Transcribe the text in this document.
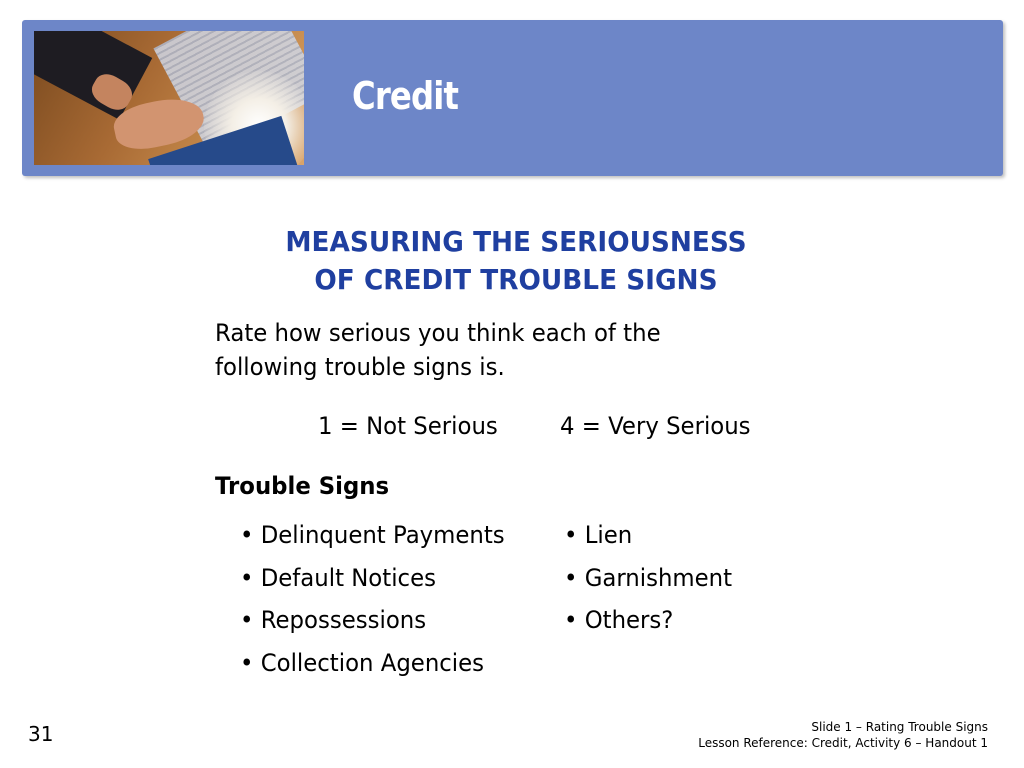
Credit
MEASURING THE SERIOUSNESS
OF CREDIT TROUBLE SIGNS
Rate how serious you think each of the
following trouble signs is.
1 = Not Serious	4 = Very Serious
Trouble Signs
• Delinquent Payments
• Default Notices
• Repossessions
• Collection Agencies
• Lien
• Garnishment
• Others?
31	Slide 1 – Rating Trouble Signs
Lesson Reference: Credit, Activity 6 – Handout 1
